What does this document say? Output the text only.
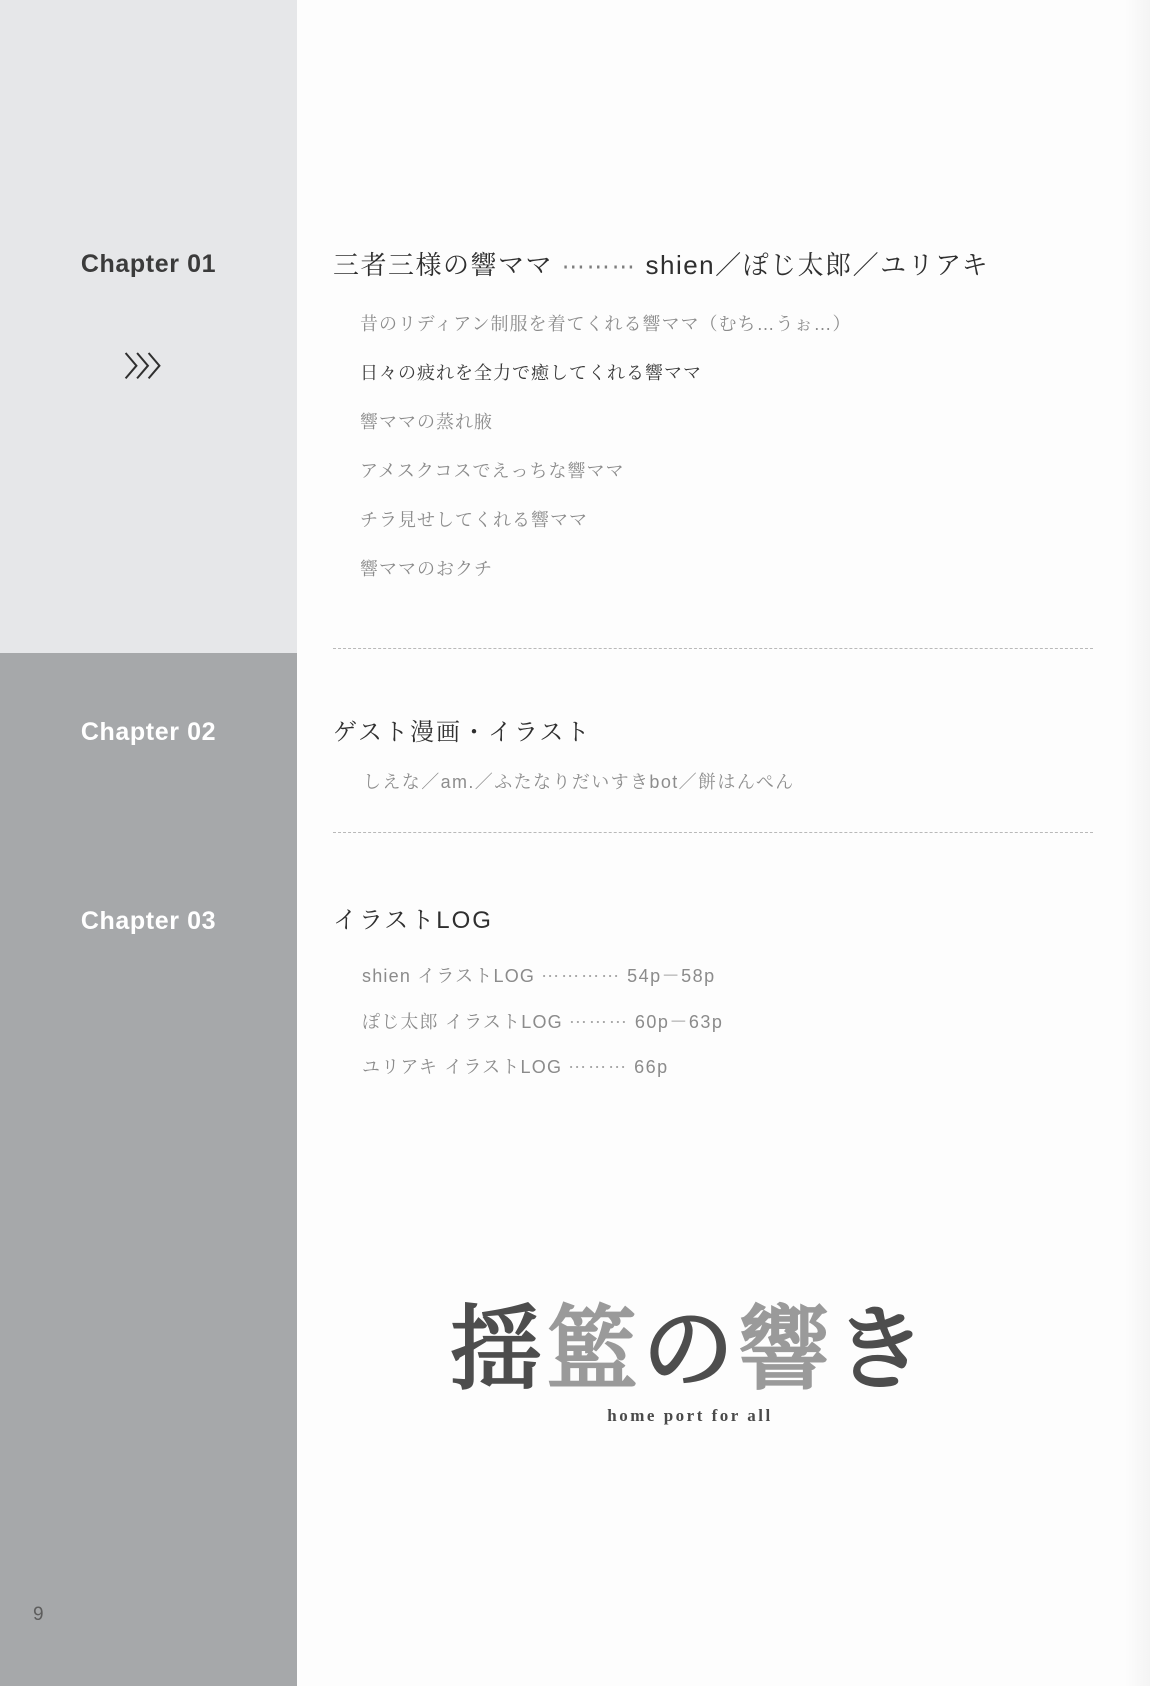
Chapter 01
〉〉〉
三者三様の響ママ ⋯⋯⋯ shien／ぽじ太郎／ユリアキ
昔のリディアン制服を着てくれる響ママ（むち…うぉ…）
日々の疲れを全力で癒してくれる響ママ
響ママの蒸れ腋
アメスクコスでえっちな響ママ
チラ見せしてくれる響ママ
響ママのおクチ
Chapter 02	ゲスト漫画・イラスト
しえな／am.／ふたなりだいすきbot／餅はんぺん
Chapter 03	イラストLOG
shien イラストLOG ⋯⋯⋯⋯ 54p－58p
ぽじ太郎 イラストLOG ⋯⋯⋯ 60p－63p
ユリアキ イラストLOG ⋯⋯⋯ 66p
揺籃の響き
home port for all
9
